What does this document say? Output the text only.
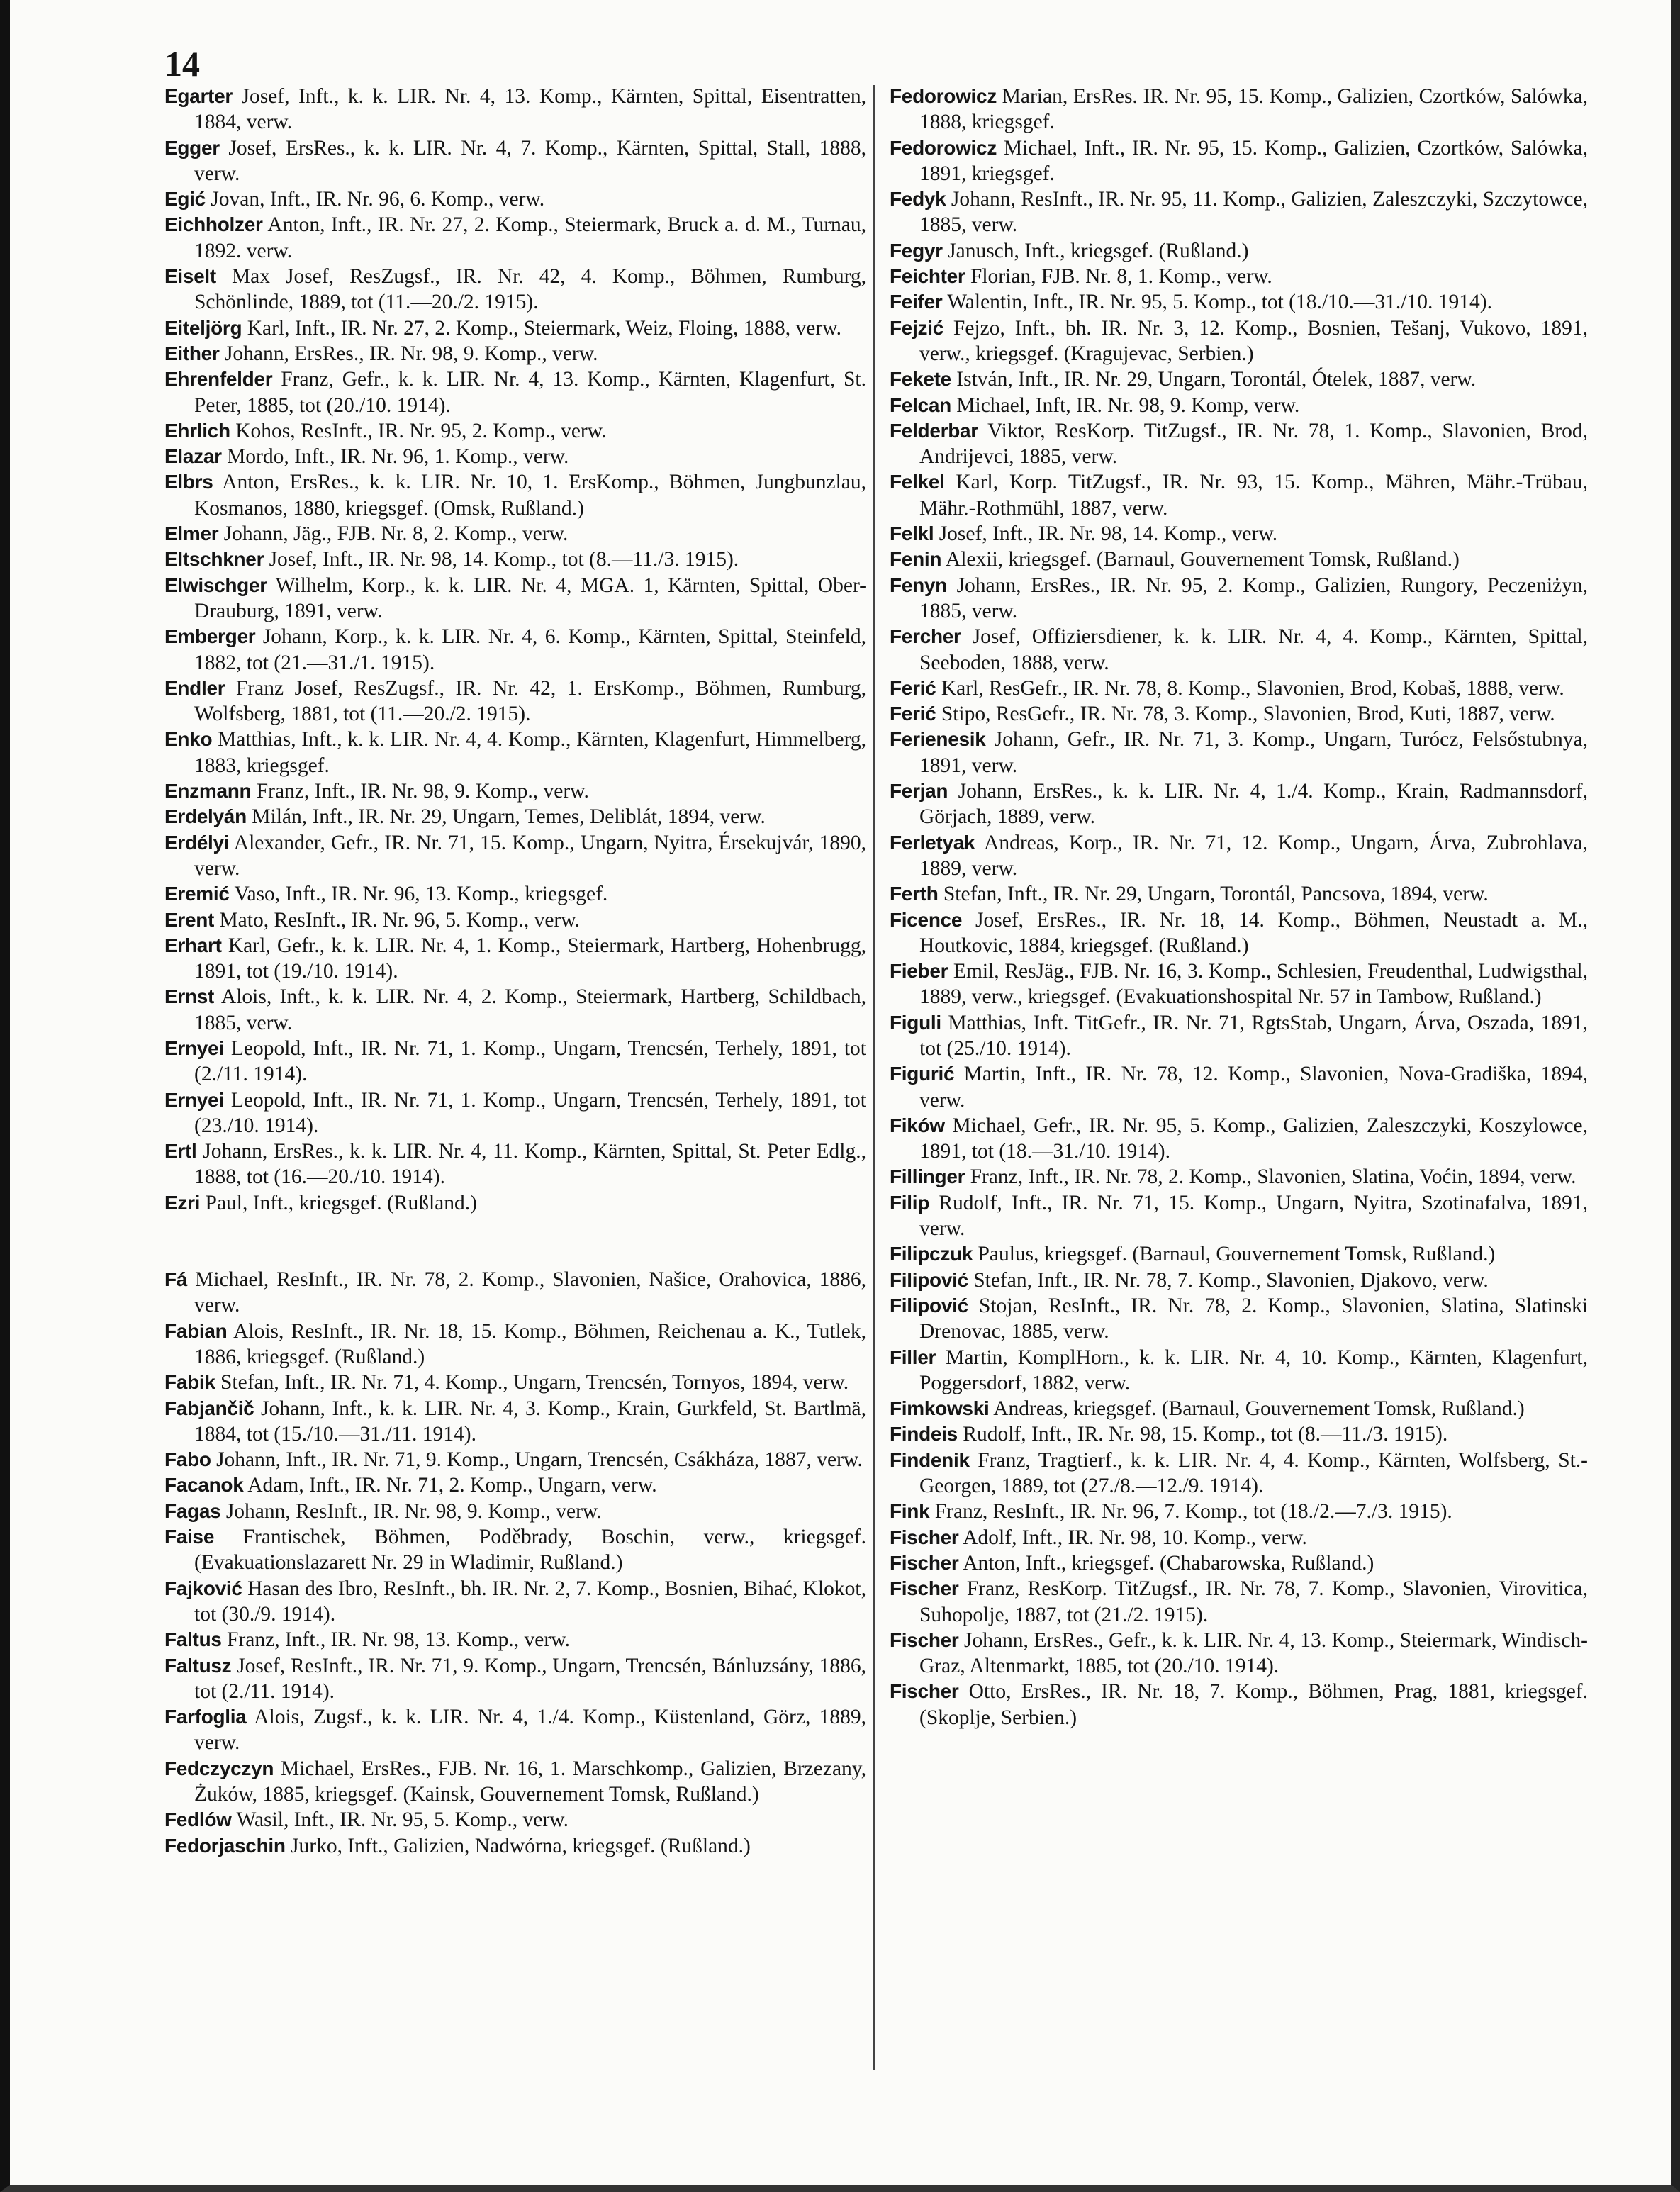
14
Egarter Josef, Inft., k. k. LIR. Nr. 4, 13. Komp., Kärnten, Spittal, Eisentratten, 1884, verw.
Egger Josef, ErsRes., k. k. LIR. Nr. 4, 7. Komp., Kärnten, Spittal, Stall, 1888, verw.
Egić Jovan, Inft., IR. Nr. 96, 6. Komp., verw.
Eichholzer Anton, Inft., IR. Nr. 27, 2. Komp., Steiermark, Bruck a. d. M., Turnau, 1892. verw.
Eiselt Max Josef, ResZugsf., IR. Nr. 42, 4. Komp., Böhmen, Rumburg, Schönlinde, 1889, tot (11.—20./2. 1915).
Eiteljörg Karl, Inft., IR. Nr. 27, 2. Komp., Steiermark, Weiz, Floing, 1888, verw.
Either Johann, ErsRes., IR. Nr. 98, 9. Komp., verw.
Ehrenfelder Franz, Gefr., k. k. LIR. Nr. 4, 13. Komp., Kärnten, Klagenfurt, St. Peter, 1885, tot (20./10. 1914).
Ehrlich Kohos, ResInft., IR. Nr. 95, 2. Komp., verw.
Elazar Mordo, Inft., IR. Nr. 96, 1. Komp., verw.
Elbrs Anton, ErsRes., k. k. LIR. Nr. 10, 1. ErsKomp., Böhmen, Jungbunzlau, Kosmanos, 1880, kriegsgef. (Omsk, Rußland.)
Elmer Johann, Jäg., FJB. Nr. 8, 2. Komp., verw.
Eltschkner Josef, Inft., IR. Nr. 98, 14. Komp., tot (8.—11./3. 1915).
Elwischger Wilhelm, Korp., k. k. LIR. Nr. 4, MGA. 1, Kärnten, Spittal, Ober-Drauburg, 1891, verw.
Emberger Johann, Korp., k. k. LIR. Nr. 4, 6. Komp., Kärnten, Spittal, Steinfeld, 1882, tot (21.—31./1. 1915).
Endler Franz Josef, ResZugsf., IR. Nr. 42, 1. ErsKomp., Böhmen, Rumburg, Wolfsberg, 1881, tot (11.—20./2. 1915).
Enko Matthias, Inft., k. k. LIR. Nr. 4, 4. Komp., Kärnten, Klagenfurt, Himmelberg, 1883, kriegsgef.
Enzmann Franz, Inft., IR. Nr. 98, 9. Komp., verw.
Erdelyán Milán, Inft., IR. Nr. 29, Ungarn, Temes, Deliblát, 1894, verw.
Erdélyi Alexander, Gefr., IR. Nr. 71, 15. Komp., Ungarn, Nyitra, Érsekujvár, 1890, verw.
Eremić Vaso, Inft., IR. Nr. 96, 13. Komp., kriegsgef.
Erent Mato, ResInft., IR. Nr. 96, 5. Komp., verw.
Erhart Karl, Gefr., k. k. LIR. Nr. 4, 1. Komp., Steiermark, Hartberg, Hohenbrugg, 1891, tot (19./10. 1914).
Ernst Alois, Inft., k. k. LIR. Nr. 4, 2. Komp., Steiermark, Hartberg, Schildbach, 1885, verw.
Ernyei Leopold, Inft., IR. Nr. 71, 1. Komp., Ungarn, Trencsén, Terhely, 1891, tot (2./11. 1914).
Ernyei Leopold, Inft., IR. Nr. 71, 1. Komp., Ungarn, Trencsén, Terhely, 1891, tot (23./10. 1914).
Ertl Johann, ErsRes., k. k. LIR. Nr. 4, 11. Komp., Kärnten, Spittal, St. Peter Edlg., 1888, tot (16.—20./10. 1914).
Ezri Paul, Inft., kriegsgef. (Rußland.)
Fá Michael, ResInft., IR. Nr. 78, 2. Komp., Slavonien, Našice, Orahovica, 1886, verw.
Fabian Alois, ResInft., IR. Nr. 18, 15. Komp., Böhmen, Reichenau a. K., Tutlek, 1886, kriegsgef. (Rußland.)
Fabik Stefan, Inft., IR. Nr. 71, 4. Komp., Ungarn, Trencsén, Tornyos, 1894, verw.
Fabjančič Johann, Inft., k. k. LIR. Nr. 4, 3. Komp., Krain, Gurkfeld, St. Bartlmä, 1884, tot (15./10.—31./11. 1914).
Fabo Johann, Inft., IR. Nr. 71, 9. Komp., Ungarn, Trencsén, Csákháza, 1887, verw.
Facanok Adam, Inft., IR. Nr. 71, 2. Komp., Ungarn, verw.
Fagas Johann, ResInft., IR. Nr. 98, 9. Komp., verw.
Faise Frantischek, Böhmen, Poděbrady, Boschin, verw., kriegsgef. (Evakuationslazarett Nr. 29 in Wladimir, Rußland.)
Fajković Hasan des Ibro, ResInft., bh. IR. Nr. 2, 7. Komp., Bosnien, Bihać, Klokot, tot (30./9. 1914).
Faltus Franz, Inft., IR. Nr. 98, 13. Komp., verw.
Faltusz Josef, ResInft., IR. Nr. 71, 9. Komp., Ungarn, Trencsén, Bánluzsány, 1886, tot (2./11. 1914).
Farfoglia Alois, Zugsf., k. k. LIR. Nr. 4, 1./4. Komp., Küstenland, Görz, 1889, verw.
Fedczyczyn Michael, ErsRes., FJB. Nr. 16, 1. Marschkomp., Galizien, Brzezany, Żuków, 1885, kriegsgef. (Kainsk, Gouvernement Tomsk, Rußland.)
Fedlów Wasil, Inft., IR. Nr. 95, 5. Komp., verw.
Fedorjaschin Jurko, Inft., Galizien, Nadwórna, kriegsgef. (Rußland.)
Fedorowicz Marian, ErsRes. IR. Nr. 95, 15. Komp., Galizien, Czortków, Salówka, 1888, kriegsgef.
Fedorowicz Michael, Inft., IR. Nr. 95, 15. Komp., Galizien, Czortków, Salówka, 1891, kriegsgef.
Fedyk Johann, ResInft., IR. Nr. 95, 11. Komp., Galizien, Zaleszczyki, Szczytowce, 1885, verw.
Fegyr Janusch, Inft., kriegsgef. (Rußland.)
Feichter Florian, FJB. Nr. 8, 1. Komp., verw.
Feifer Walentin, Inft., IR. Nr. 95, 5. Komp., tot (18./10.—31./10. 1914).
Fejzić Fejzo, Inft., bh. IR. Nr. 3, 12. Komp., Bosnien, Tešanj, Vukovo, 1891, verw., kriegsgef. (Kragujevac, Serbien.)
Fekete István, Inft., IR. Nr. 29, Ungarn, Torontál, Ótelek, 1887, verw.
Felcan Michael, Inft, IR. Nr. 98, 9. Komp, verw.
Felderbar Viktor, ResKorp. TitZugsf., IR. Nr. 78, 1. Komp., Slavonien, Brod, Andrijevci, 1885, verw.
Felkel Karl, Korp. TitZugsf., IR. Nr. 93, 15. Komp., Mähren, Mähr.-Trübau, Mähr.-Rothmühl, 1887, verw.
Felkl Josef, Inft., IR. Nr. 98, 14. Komp., verw.
Fenin Alexii, kriegsgef. (Barnaul, Gouvernement Tomsk, Rußland.)
Fenyn Johann, ErsRes., IR. Nr. 95, 2. Komp., Galizien, Rungory, Peczeniżyn, 1885, verw.
Fercher Josef, Offiziersdiener, k. k. LIR. Nr. 4, 4. Komp., Kärnten, Spittal, Seeboden, 1888, verw.
Ferić Karl, ResGefr., IR. Nr. 78, 8. Komp., Slavonien, Brod, Kobaš, 1888, verw.
Ferić Stipo, ResGefr., IR. Nr. 78, 3. Komp., Slavonien, Brod, Kuti, 1887, verw.
Ferienesik Johann, Gefr., IR. Nr. 71, 3. Komp., Ungarn, Turócz, Felsőstubnya, 1891, verw.
Ferjan Johann, ErsRes., k. k. LIR. Nr. 4, 1./4. Komp., Krain, Radmannsdorf, Görjach, 1889, verw.
Ferletyak Andreas, Korp., IR. Nr. 71, 12. Komp., Ungarn, Árva, Zubrohlava, 1889, verw.
Ferth Stefan, Inft., IR. Nr. 29, Ungarn, Torontál, Pancsova, 1894, verw.
Ficence Josef, ErsRes., IR. Nr. 18, 14. Komp., Böhmen, Neustadt a. M., Houtkovic, 1884, kriegsgef. (Rußland.)
Fieber Emil, ResJäg., FJB. Nr. 16, 3. Komp., Schlesien, Freudenthal, Ludwigsthal, 1889, verw., kriegsgef. (Evakuationshospital Nr. 57 in Tambow, Rußland.)
Figuli Matthias, Inft. TitGefr., IR. Nr. 71, RgtsStab, Ungarn, Árva, Oszada, 1891, tot (25./10. 1914).
Figurić Martin, Inft., IR. Nr. 78, 12. Komp., Slavonien, Nova-Gradiška, 1894, verw.
Fików Michael, Gefr., IR. Nr. 95, 5. Komp., Galizien, Zaleszczyki, Koszylowce, 1891, tot (18.—31./10. 1914).
Fillinger Franz, Inft., IR. Nr. 78, 2. Komp., Slavonien, Slatina, Voćin, 1894, verw.
Filip Rudolf, Inft., IR. Nr. 71, 15. Komp., Ungarn, Nyitra, Szotinafalva, 1891, verw.
Filipczuk Paulus, kriegsgef. (Barnaul, Gouvernement Tomsk, Rußland.)
Filipović Stefan, Inft., IR. Nr. 78, 7. Komp., Slavonien, Djakovo, verw.
Filipović Stojan, ResInft., IR. Nr. 78, 2. Komp., Slavonien, Slatina, Slatinski Drenovac, 1885, verw.
Filler Martin, KomplHorn., k. k. LIR. Nr. 4, 10. Komp., Kärnten, Klagenfurt, Poggersdorf, 1882, verw.
Fimkowski Andreas, kriegsgef. (Barnaul, Gouvernement Tomsk, Rußland.)
Findeis Rudolf, Inft., IR. Nr. 98, 15. Komp., tot (8.—11./3. 1915).
Findenik Franz, Tragtierf., k. k. LIR. Nr. 4, 4. Komp., Kärnten, Wolfsberg, St.-Georgen, 1889, tot (27./8.—12./9. 1914).
Fink Franz, ResInft., IR. Nr. 96, 7. Komp., tot (18./2.—7./3. 1915).
Fischer Adolf, Inft., IR. Nr. 98, 10. Komp., verw.
Fischer Anton, Inft., kriegsgef. (Chabarowska, Rußland.)
Fischer Franz, ResKorp. TitZugsf., IR. Nr. 78, 7. Komp., Slavonien, Virovitica, Suhopolje, 1887, tot (21./2. 1915).
Fischer Johann, ErsRes., Gefr., k. k. LIR. Nr. 4, 13. Komp., Steiermark, Windisch-Graz, Altenmarkt, 1885, tot (20./10. 1914).
Fischer Otto, ErsRes., IR. Nr. 18, 7. Komp., Böhmen, Prag, 1881, kriegsgef. (Skoplje, Serbien.)
